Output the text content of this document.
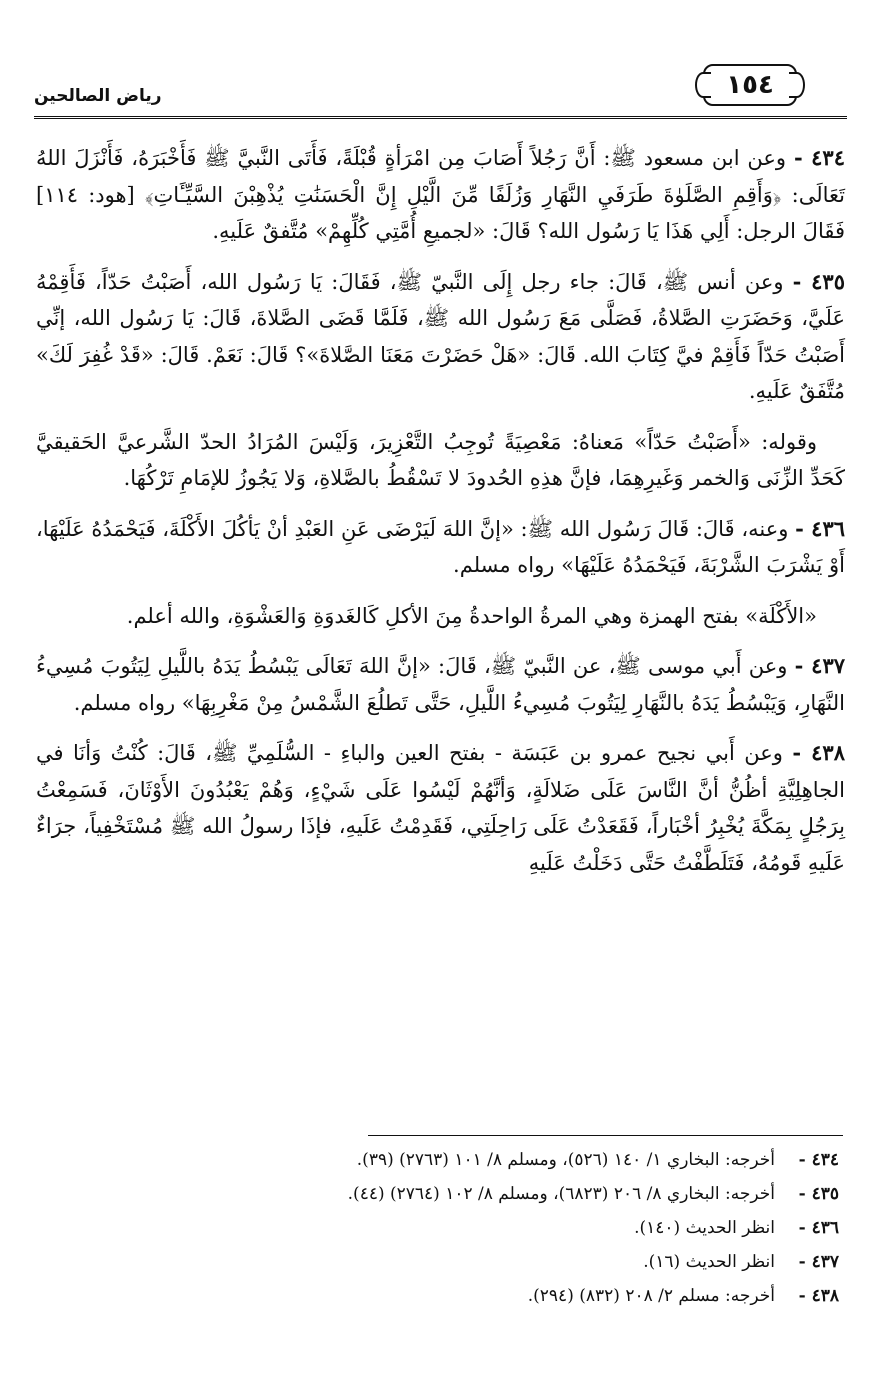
١٥٤
رياض الصالحين

٤٣٤ - وعن ابن مسعود ﷺ: أَنَّ رَجُلاً أَصَابَ مِن امْرَأةٍ قُبْلَةً، فَأَتَى النَّبيَّ ﷺ فَأَخْبَرَهُ، فَأَنْزَلَ اللهُ تَعَالَى: ﴿وَأَقِمِ الصَّلَوٰةَ طَرَفَيِ النَّهَارِ وَزُلَفًا مِّنَ الَّيْلِ إِنَّ الْحَسَنَٰتِ يُذْهِبْنَ السَّيِّـَٔاتِ﴾ [هود: ١١٤] فَقَالَ الرجل: أَلِي هَذَا يَا رَسُول الله؟ قَالَ: «لجميعِ أُمَّتِي كُلِّهِمْ» مُتَّفقٌ عَلَيهِ.

٤٣٥ - وعن أنس ﷺ، قَالَ: جاء رجل إِلَى النَّبيّ ﷺ، فَقَالَ: يَا رَسُول الله، أَصَبْتُ حَدّاً، فَأَقِمْهُ عَلَيَّ، وَحَضَرَتِ الصَّلاةُ، فَصَلَّى مَعَ رَسُول الله ﷺ، فَلَمَّا قَضَى الصَّلاةَ، قَالَ: يَا رَسُول الله، إنِّي أَصَبْتُ حَدّاً فَأَقِمْ فيَّ كِتَابَ الله. قَالَ: «هَلْ حَضَرْتَ مَعَنَا الصَّلاةَ»؟ قَالَ: نَعَمْ. قَالَ: «قَدْ غُفِرَ لَكَ» مُتَّفَقٌ عَلَيهِ.

وقوله: «أَصَبْتُ حَدّاً» مَعناهُ: مَعْصِيَةً تُوجِبُ التَّعْزِيرَ، وَلَيْسَ المُرَادُ الحدّ الشَّرعيَّ الحَقيقيَّ كَحَدِّ الزِّنَى وَالخمر وَغَيرِهِمَا، فإنَّ هذِهِ الحُدودَ لا تَسْقُطُ بالصَّلاةِ، وَلا يَجُوزُ للإمَامِ تَرْكُهَا.

٤٣٦ - وعنه، قَالَ: قَالَ رَسُول الله ﷺ: «إنَّ اللهَ لَيَرْضَى عَنِ العَبْدِ أنْ يَأكُلَ الأَكْلَةَ، فَيَحْمَدُهُ عَلَيْهَا، أَوْ يَشْرَبَ الشَّرْبَةَ، فَيَحْمَدُهُ عَلَيْهَا» رواه مسلم.

«الأَكْلَة» بفتح الهمزة وهي المرةُ الواحدةُ مِنَ الأكلِ كَالغَدوَةِ وَالعَشْوَةِ، والله أعلم.

٤٣٧ - وعن أَبي موسى ﷺ، عن النَّبيّ ﷺ، قَالَ: «إنَّ اللهَ تَعَالَى يَبْسُطُ يَدَهُ باللَّيلِ لِيَتُوبَ مُسِيءُ النَّهَارِ، وَيَبْسُطُ يَدَهُ بالنَّهَارِ لِيَتُوبَ مُسِيءُ اللَّيلِ، حَتَّى تَطلُعَ الشَّمْسُ مِنْ مَغْرِبِهَا» رواه مسلم.

٤٣٨ - وعن أَبي نجيح عمرو بن عَبَسَة - بفتح العين والباءِ - السُّلَمِيِّ ﷺ، قَالَ: كُنْتُ وَأنَا في الجاهِلِيَّةِ أظُنُّ أنَّ النَّاسَ عَلَى ضَلالَةٍ، وَأنَّهُمْ لَيْسُوا عَلَى شَيْءٍ، وَهُمْ يَعْبُدُونَ الأَوْثَانَ، فَسَمِعْتُ بِرَجُلٍ بِمَكَّةَ يُخْبِرُ أخْبَاراً، فَقَعَدْتُ عَلَى رَاحِلَتِي، فَقَدِمْتُ عَلَيهِ، فإذَا رسولُ الله ﷺ مُسْتَخْفِياً، جرَاءٌ عَلَيهِ قَومُهُ، فَتَلَطَّفْتُ حَتَّى دَخَلْتُ عَلَيهِ

٤٣٤ -أخرجه: البخاري ١/ ١٤٠ (٥٢٦)، ومسلم ٨/ ١٠١ (٢٧٦٣) (٣٩).
٤٣٥ -أخرجه: البخاري ٨/ ٢٠٦ (٦٨٢٣)، ومسلم ٨/ ١٠٢ (٢٧٦٤) (٤٤).
٤٣٦ -انظر الحديث (١٤٠).
٤٣٧ -انظر الحديث (١٦).
٤٣٨ -أخرجه: مسلم ٢/ ٢٠٨ (٨٣٢) (٢٩٤).
